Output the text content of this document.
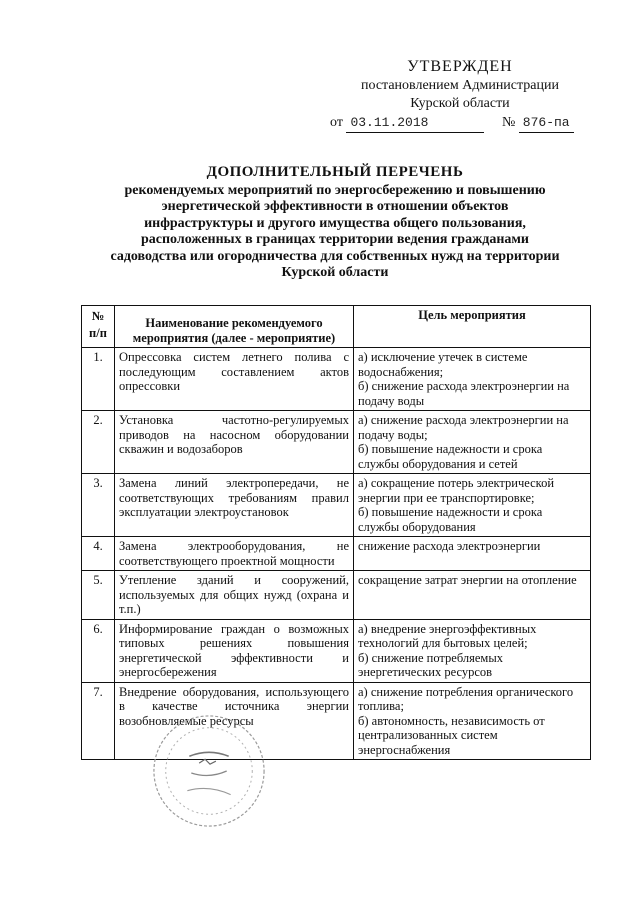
УТВЕРЖДЕН
постановлением Администрации
Курской области
от 03.11.2018	№ 876-па
ДОПОЛНИТЕЛЬНЫЙ ПЕРЕЧЕНЬ
рекомендуемых мероприятий по энергосбережению и повышению
энергетической эффективности в отношении объектов
инфраструктуры и другого имущества общего пользования,
расположенных в границах территории ведения гражданами
садоводства или огородничества для собственных нужд на территории
Курской области
№
п/п	Наименование рекомендуемого мероприятия (далее - мероприятие)	Цель мероприятия
1.	Опрессовка систем летнего полива с последующим составлением актов опрессовки	а) исключение утечек в системе водоснабжения;
б) снижение расхода электроэнергии на подачу воды

2.	Установка частотно-регулируемых приводов на насосном оборудовании скважин и водозаборов	а) снижение расхода электроэнергии на подачу воды;
б) повышение надежности и срока службы оборудования и сетей

3.	Замена линий электропередачи, не соответствующих требованиям правил эксплуатации электроустановок	а) сокращение потерь электрической энергии при ее транспортировке;
б) повышение надежности и срока службы оборудования

4.	Замена электрооборудования, не соответствующего проектной мощности	снижение расхода электроэнергии

5.	Утепление зданий и сооружений, используемых для общих нужд (охрана и т.п.)	сокращение затрат энергии на отопление

6.	Информирование граждан о возможных типовых решениях повышения энергетической эффективности и энергосбережения	а) внедрение энергоэффективных технологий для бытовых целей;
б) снижение потребляемых энергетических ресурсов

7.	Внедрение оборудования, использующего в качестве источника энергии возобновляемые ресурсы	а) снижение потребления органического топлива;
б) автономность, независимость от централизованных систем энергоснабжения
